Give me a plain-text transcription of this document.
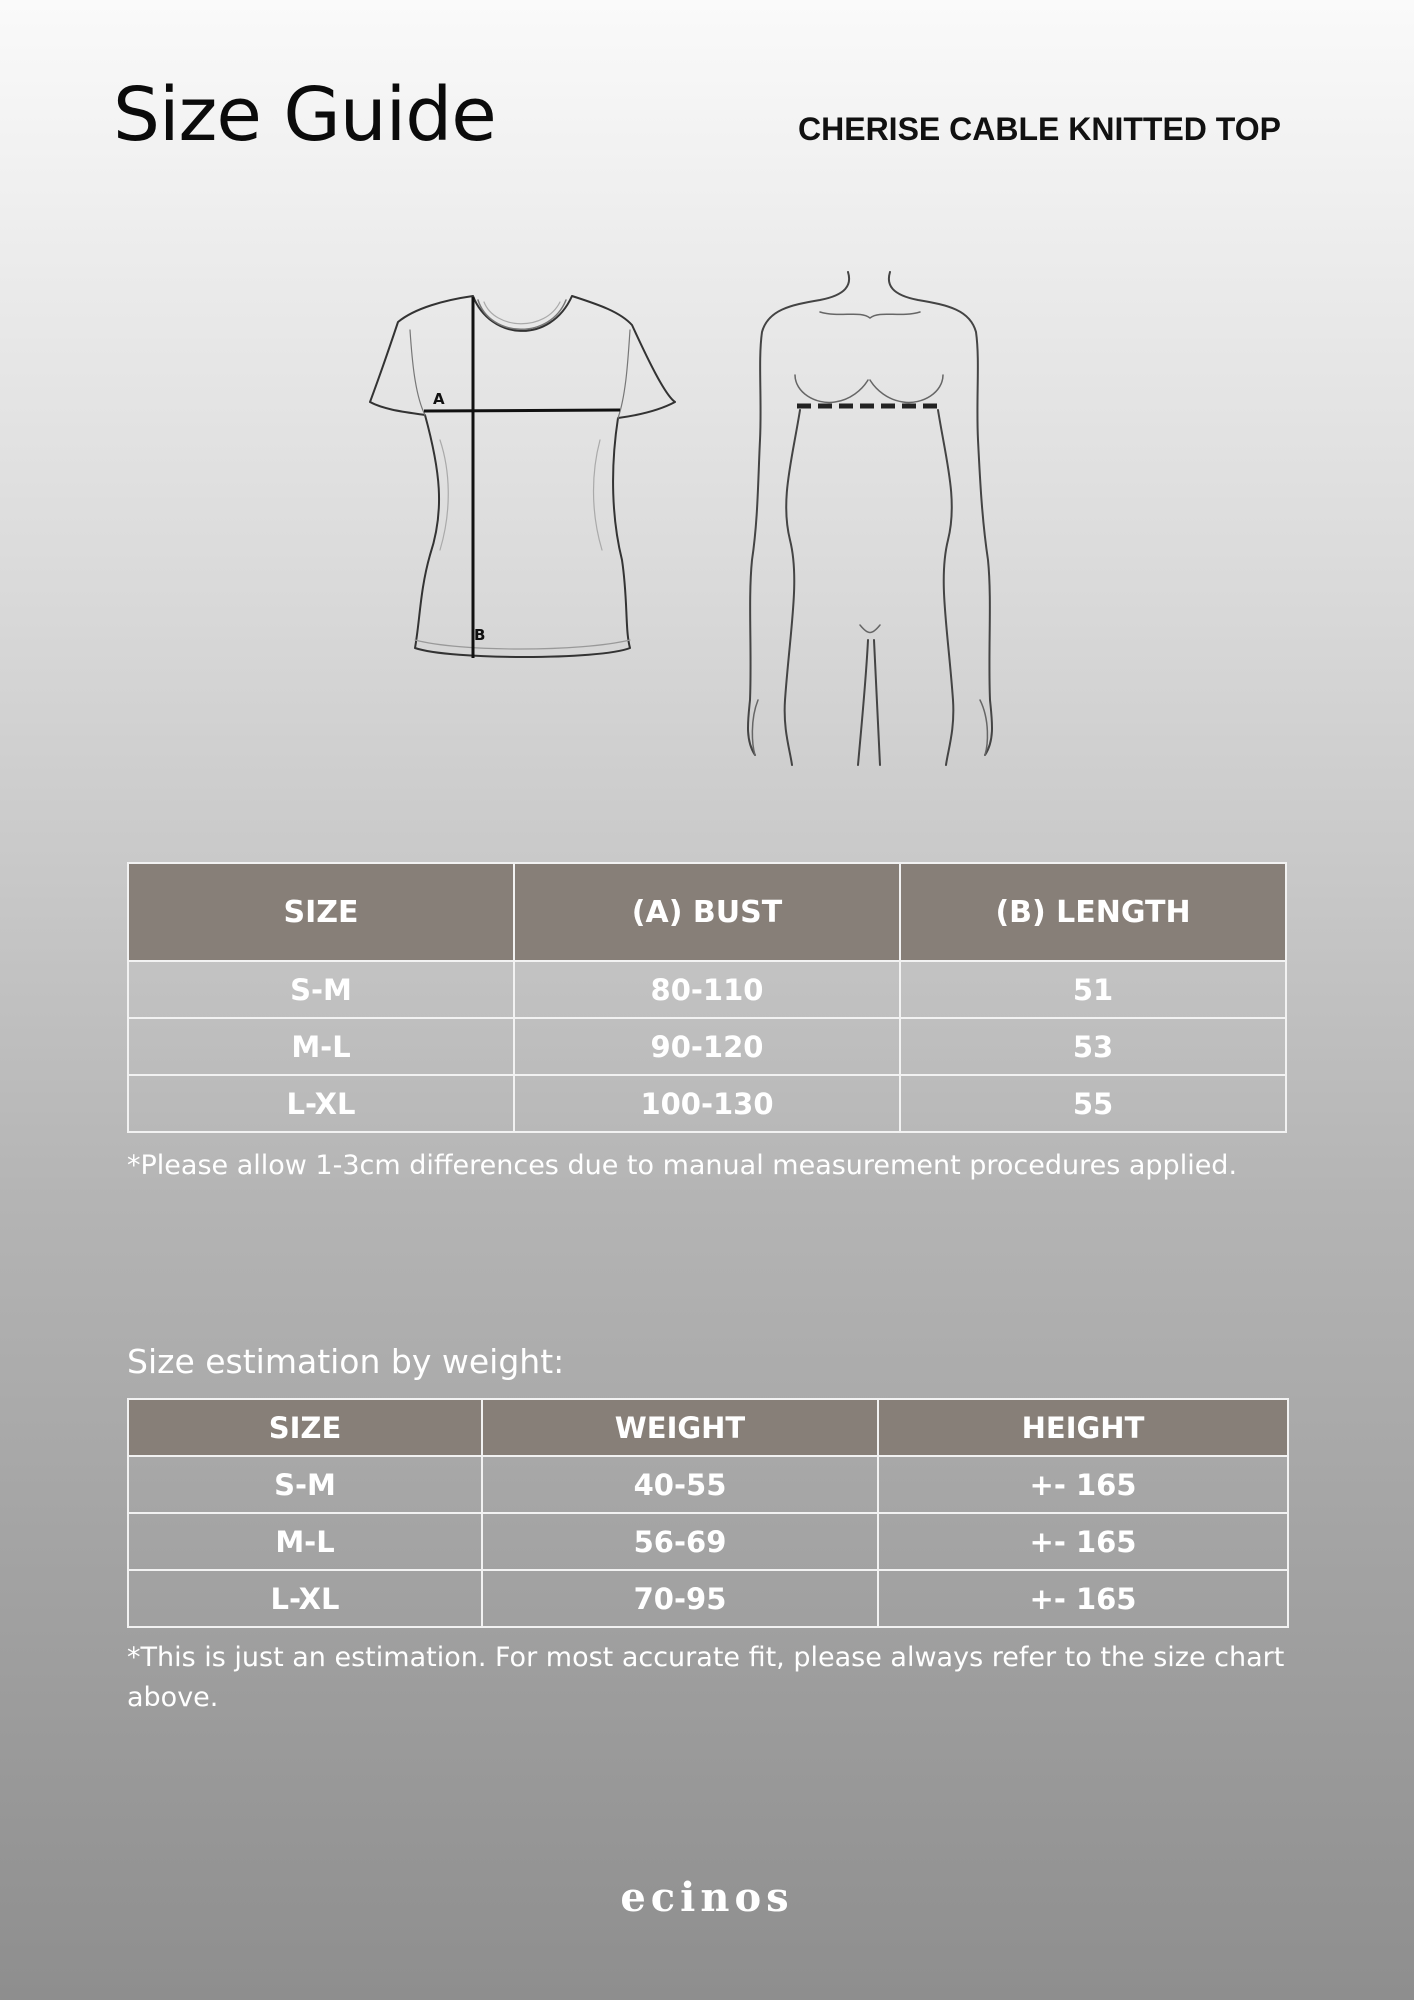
Size Guide	CHERISE CABLE KNITTED TOP
A
B
SIZE	(A) BUST	(B) LENGTH
S-M	80-110	51
M-L	90-120	53
L-XL	100-130	55
*Please allow 1-3cm differences due to manual measurement procedures applied.
Size estimation by weight:
SIZE	WEIGHT	HEIGHT
S-M	40-55	+- 165
M-L	56-69	+- 165
L-XL	70-95	+- 165
*This is just an estimation. For most accurate fit, please always refer to the size chart above.
ecinos
